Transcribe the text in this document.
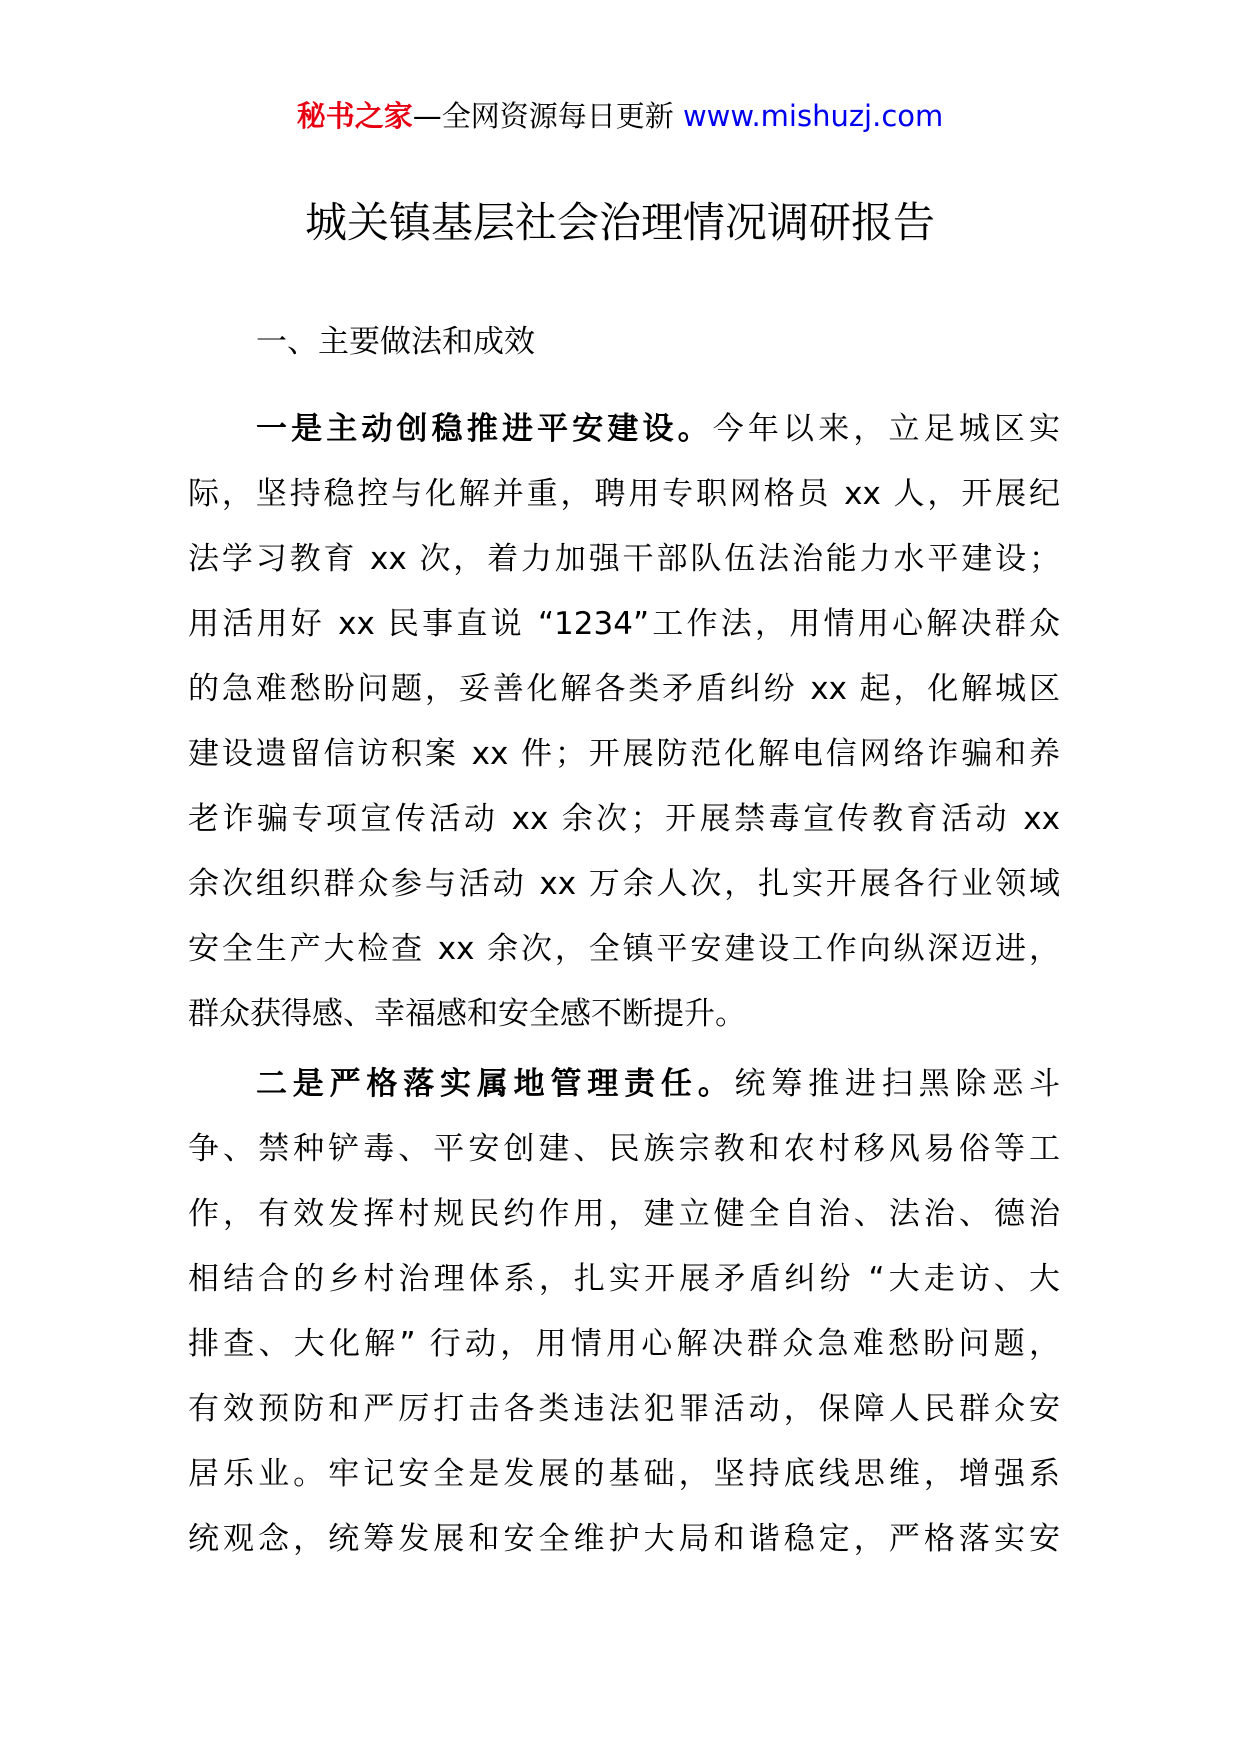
秘书之家—全网资源每日更新 www.mishuzj.com
城关镇基层社会治理情况调研报告
一、主要做法和成效
一是主动创稳推进平安建设。今年以来，立足城区实
际，坚持稳控与化解并重，聘用专职网格员 xx 人，开展纪
法学习教育 xx 次，着力加强干部队伍法治能力水平建设；
用活用好 xx 民事直说 “1234”工作法，用情用心解决群众
的急难愁盼问题，妥善化解各类矛盾纠纷 xx 起，化解城区
建设遗留信访积案 xx 件；开展防范化解电信网络诈骗和养
老诈骗专项宣传活动 xx 余次；开展禁毒宣传教育活动 xx
余次组织群众参与活动 xx 万余人次，扎实开展各行业领域
安全生产大检查 xx 余次，全镇平安建设工作向纵深迈进，
群众获得感、幸福感和安全感不断提升。
二是严格落实属地管理责任。统筹推进扫黑除恶斗
争、禁种铲毒、平安创建、民族宗教和农村移风易俗等工
作，有效发挥村规民约作用，建立健全自治、法治、德治
相结合的乡村治理体系，扎实开展矛盾纠纷 “大走访、大
排查、大化解” 行动，用情用心解决群众急难愁盼问题，
有效预防和严厉打击各类违法犯罪活动，保障人民群众安
居乐业。牢记安全是发展的基础，坚持底线思维，增强系
统观念，统筹发展和安全维护大局和谐稳定，严格落实安
